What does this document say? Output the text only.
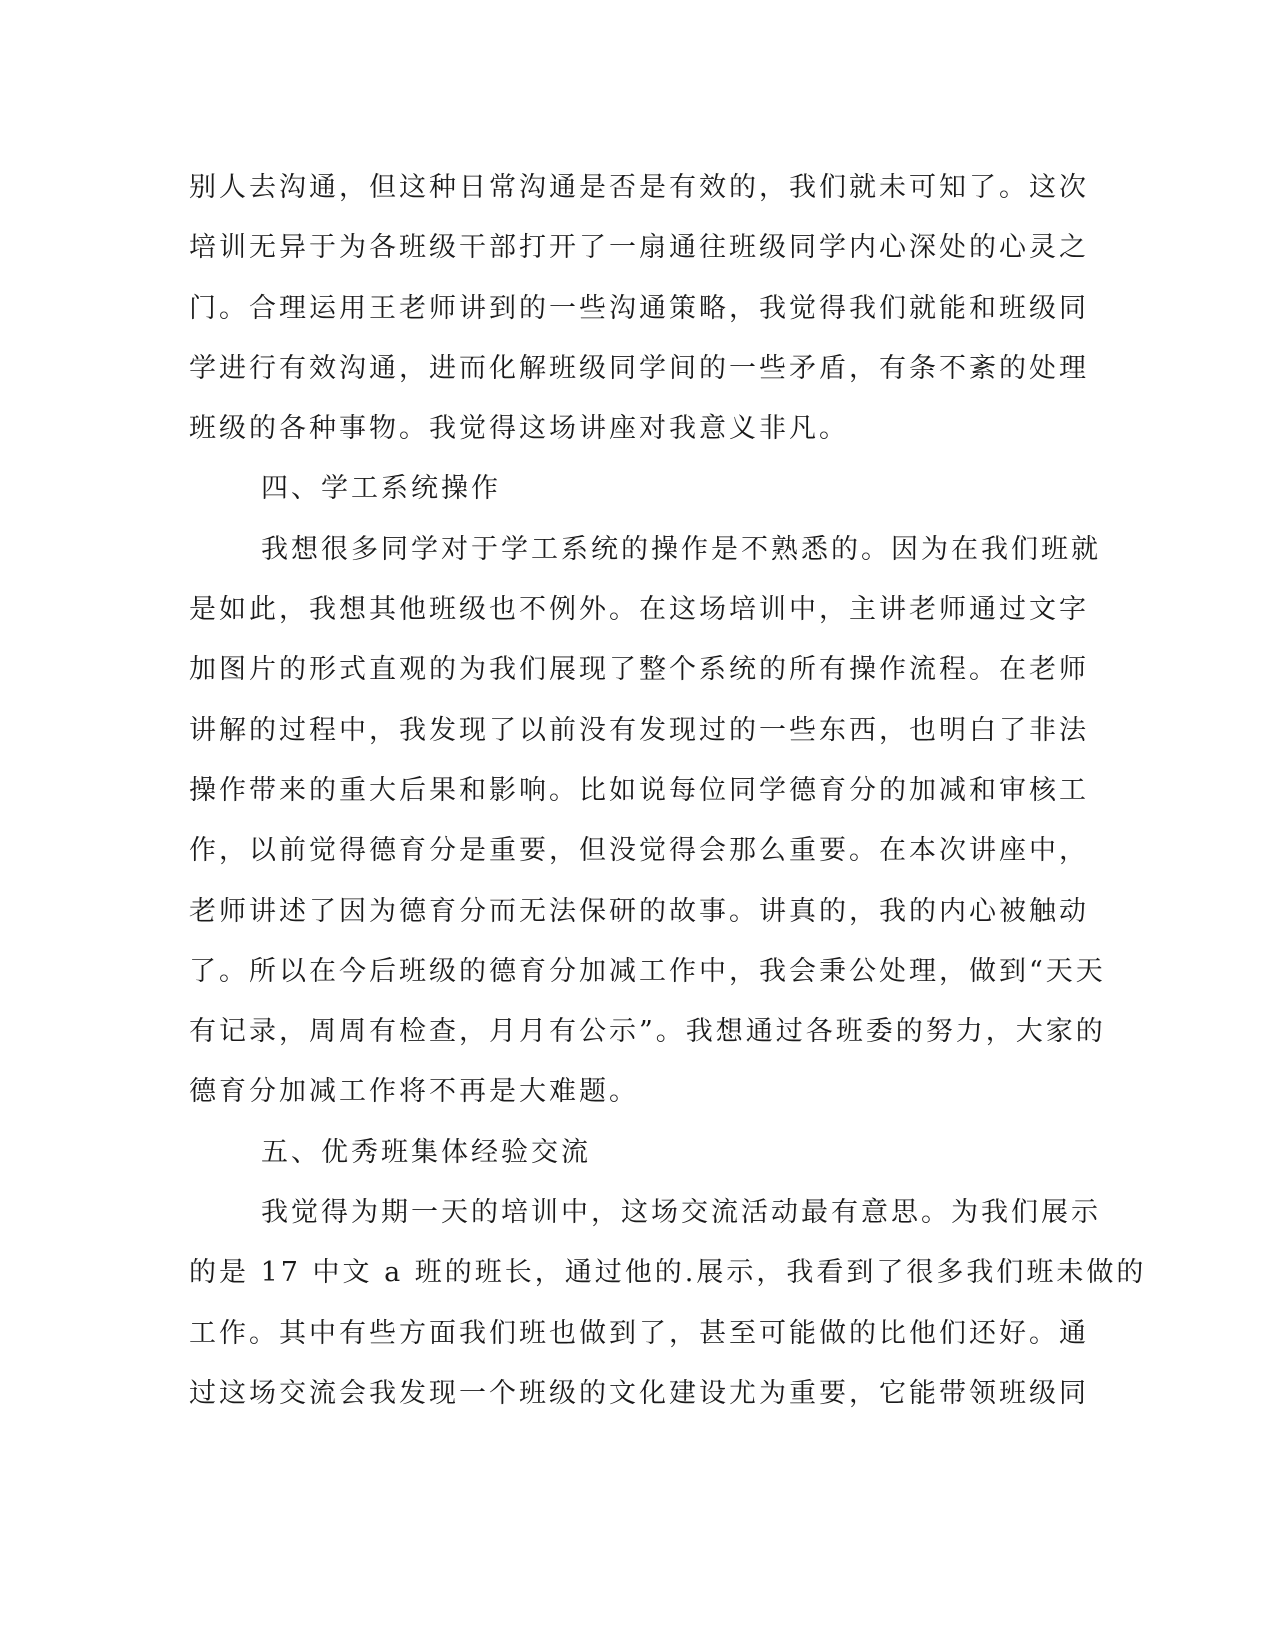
别人去沟通，但这种日常沟通是否是有效的，我们就未可知了。这次

培训无异于为各班级干部打开了一扇通往班级同学内心深处的心灵之

门。合理运用王老师讲到的一些沟通策略，我觉得我们就能和班级同

学进行有效沟通，进而化解班级同学间的一些矛盾，有条不紊的处理

班级的各种事物。我觉得这场讲座对我意义非凡。

四、学工系统操作

我想很多同学对于学工系统的操作是不熟悉的。因为在我们班就

是如此，我想其他班级也不例外。在这场培训中，主讲老师通过文字

加图片的形式直观的为我们展现了整个系统的所有操作流程。在老师

讲解的过程中，我发现了以前没有发现过的一些东西，也明白了非法

操作带来的重大后果和影响。比如说每位同学德育分的加减和审核工

作，以前觉得德育分是重要，但没觉得会那么重要。在本次讲座中，

老师讲述了因为德育分而无法保研的故事。讲真的，我的内心被触动

了。所以在今后班级的德育分加减工作中，我会秉公处理，做到“天天

有记录，周周有检查，月月有公示”。我想通过各班委的努力，大家的

德育分加减工作将不再是大难题。

五、优秀班集体经验交流

我觉得为期一天的培训中，这场交流活动最有意思。为我们展示

的是 17 中文 a 班的班长，通过他的.展示，我看到了很多我们班未做的

工作。其中有些方面我们班也做到了，甚至可能做的比他们还好。通

过这场交流会我发现一个班级的文化建设尤为重要，它能带领班级同
